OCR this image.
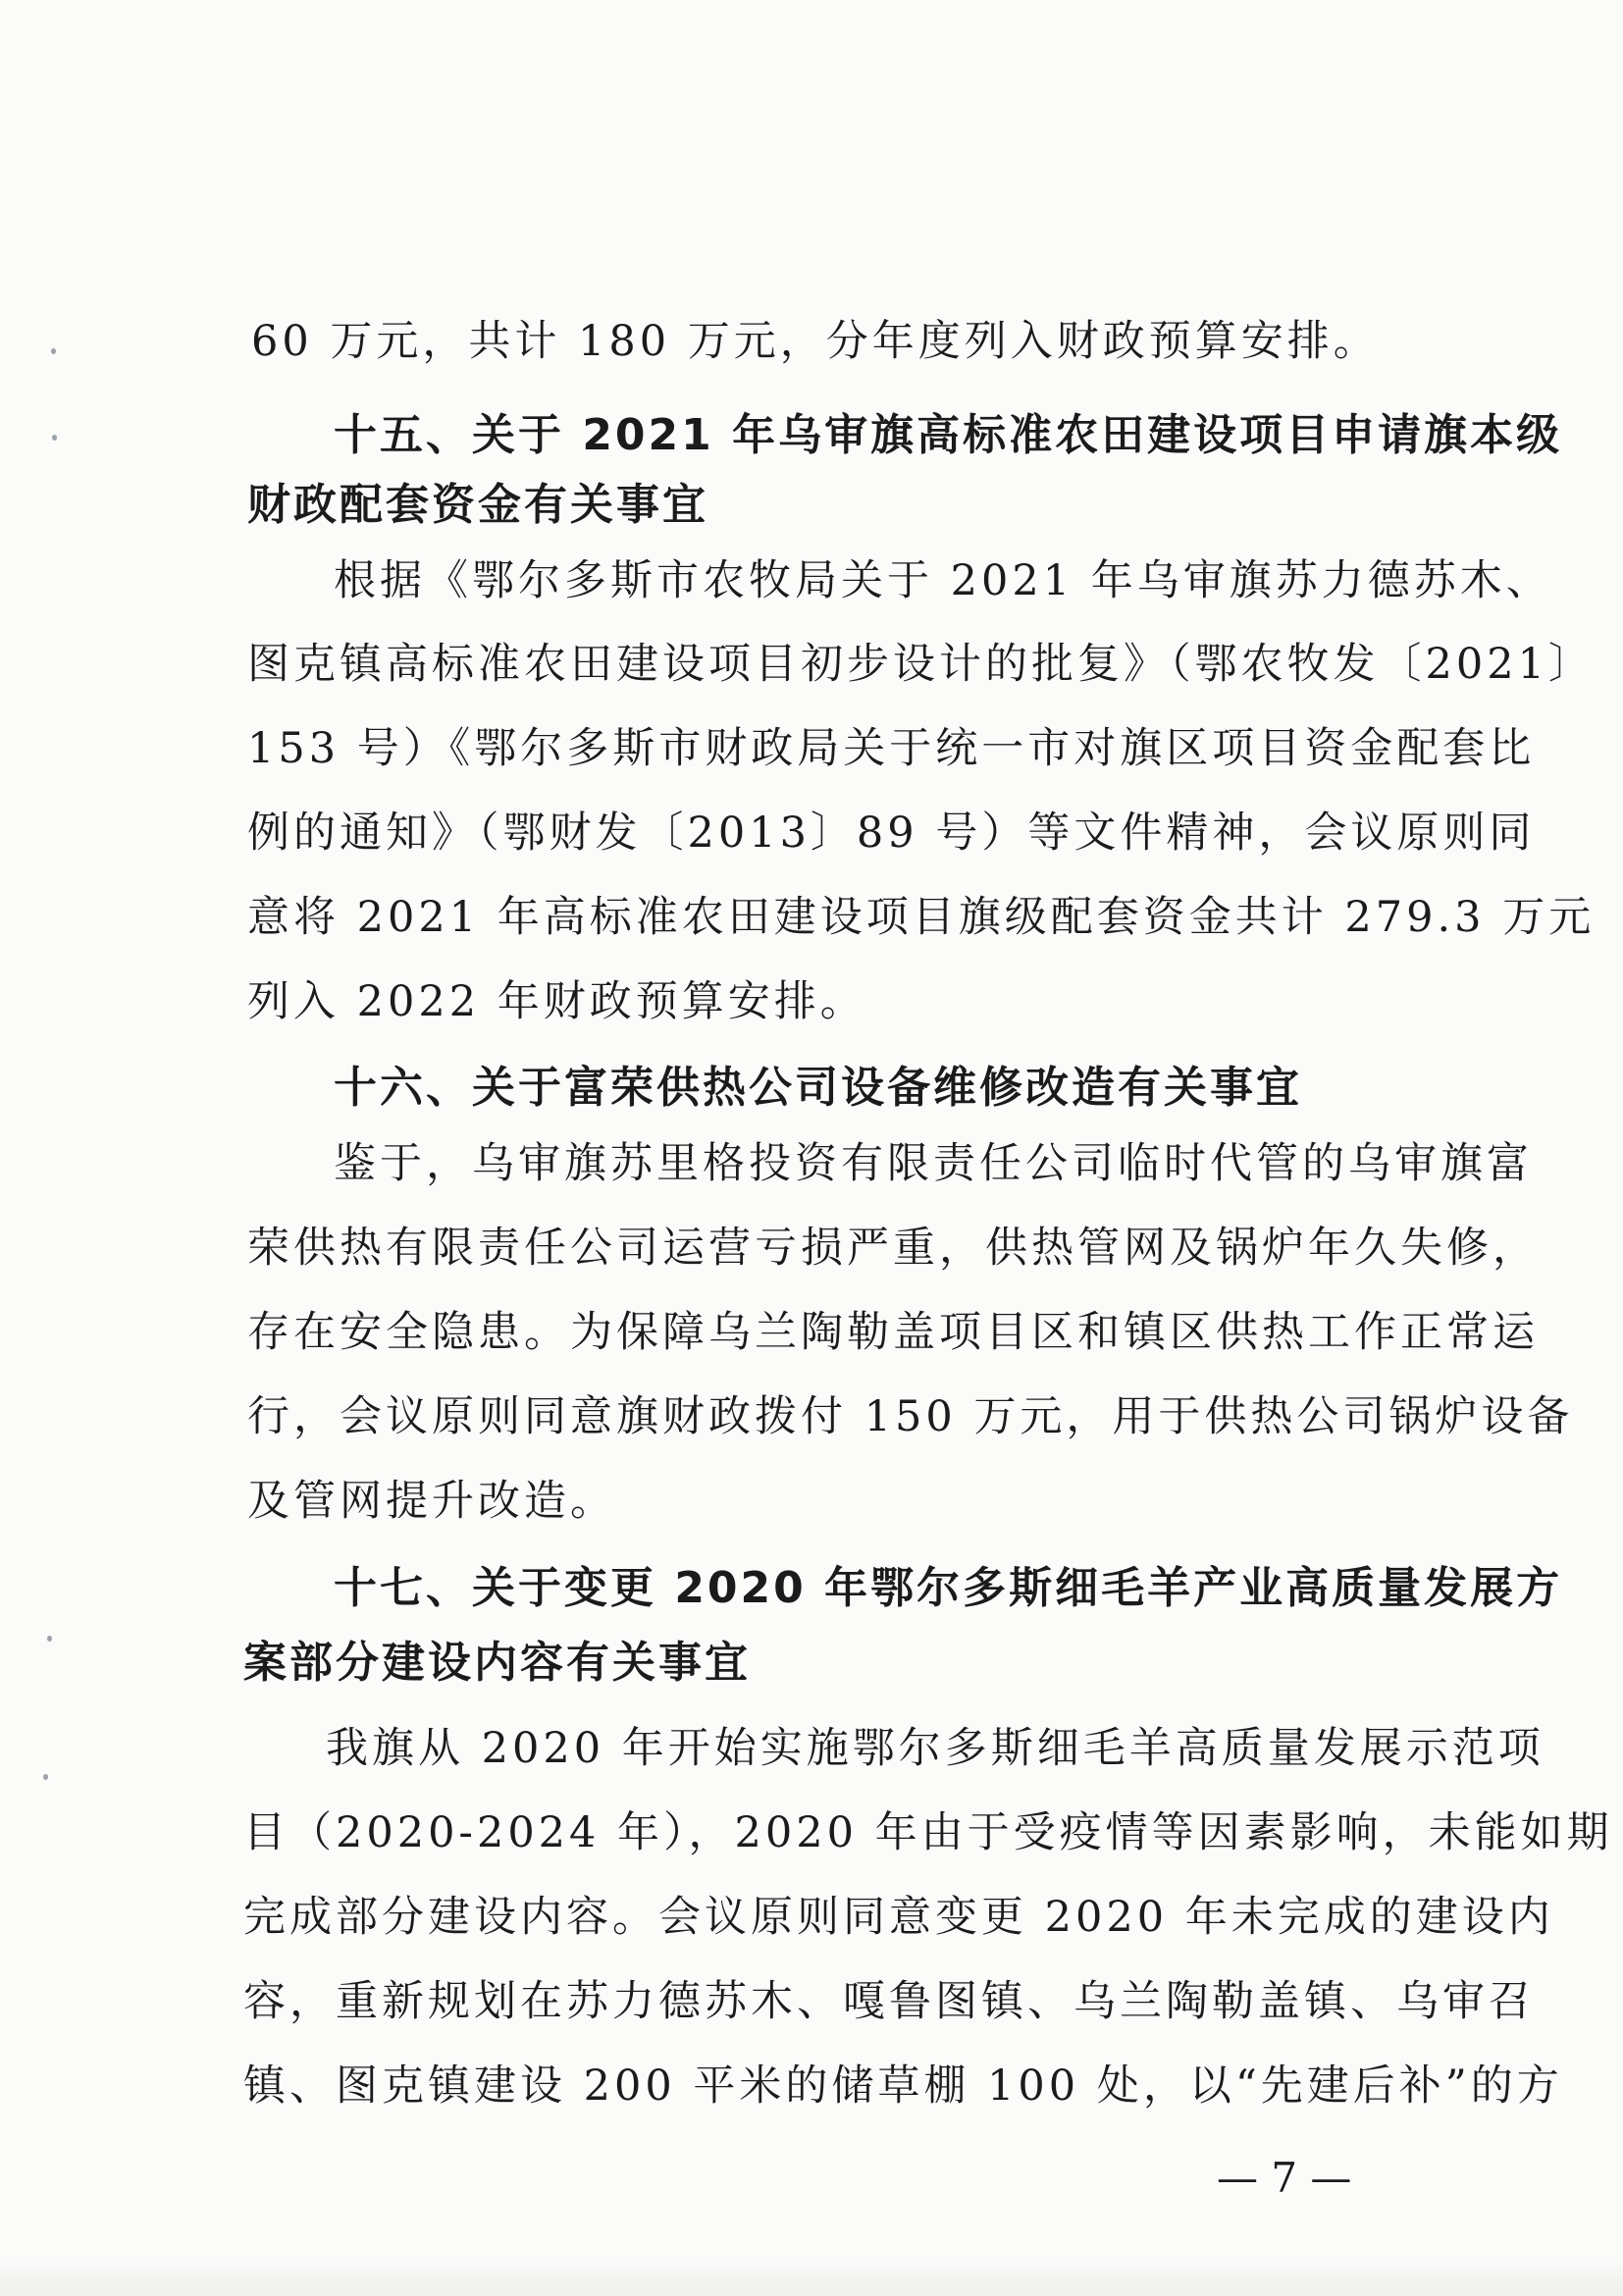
60 万元，共计 180 万元，分年度列入财政预算安排。

十五、关于 2021 年乌审旗高标准农田建设项目申请旗本级

财政配套资金有关事宜

根据《鄂尔多斯市农牧局关于 2021 年乌审旗苏力德苏木、

图克镇高标准农田建设项目初步设计的批复》（鄂农牧发〔2021〕

153 号）《鄂尔多斯市财政局关于统一市对旗区项目资金配套比

例的通知》（鄂财发〔2013〕89 号）等文件精神，会议原则同

意将 2021 年高标准农田建设项目旗级配套资金共计 279.3 万元

列入 2022 年财政预算安排。

十六、关于富荣供热公司设备维修改造有关事宜

鉴于，乌审旗苏里格投资有限责任公司临时代管的乌审旗富

荣供热有限责任公司运营亏损严重，供热管网及锅炉年久失修，

存在安全隐患。为保障乌兰陶勒盖项目区和镇区供热工作正常运

行，会议原则同意旗财政拨付 150 万元，用于供热公司锅炉设备

及管网提升改造。

十七、关于变更 2020 年鄂尔多斯细毛羊产业高质量发展方

案部分建设内容有关事宜

我旗从 2020 年开始实施鄂尔多斯细毛羊高质量发展示范项

目（2020-2024 年），2020 年由于受疫情等因素影响，未能如期

完成部分建设内容。会议原则同意变更 2020 年未完成的建设内

容，重新规划在苏力德苏木、嘎鲁图镇、乌兰陶勒盖镇、乌审召

镇、图克镇建设 200 平米的储草棚 100 处，以“先建后补”的方

— 7 —
